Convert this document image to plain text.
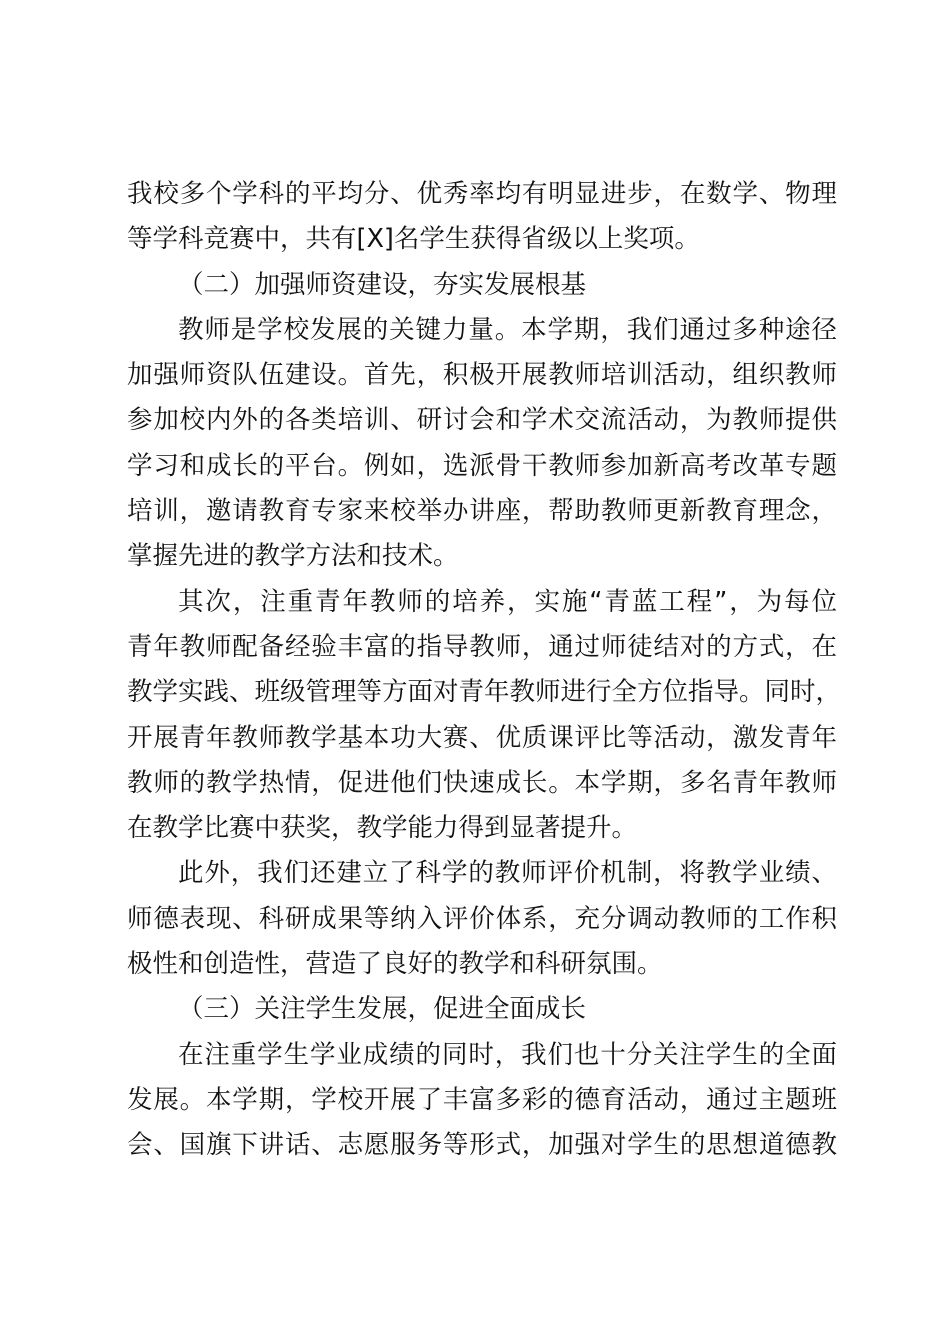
我校多个学科的平均分、优秀率均有明显进步，在数学、物理
等学科竞赛中，共有[X]名学生获得省级以上奖项。
（二）加强师资建设，夯实发展根基
教师是学校发展的关键力量。本学期，我们通过多种途径
加强师资队伍建设。首先，积极开展教师培训活动，组织教师
参加校内外的各类培训、研讨会和学术交流活动，为教师提供
学习和成长的平台。例如，选派骨干教师参加新高考改革专题
培训，邀请教育专家来校举办讲座，帮助教师更新教育理念，
掌握先进的教学方法和技术。
其次，注重青年教师的培养，实施“青蓝工程”，为每位
青年教师配备经验丰富的指导教师，通过师徒结对的方式，在
教学实践、班级管理等方面对青年教师进行全方位指导。同时，
开展青年教师教学基本功大赛、优质课评比等活动，激发青年
教师的教学热情，促进他们快速成长。本学期，多名青年教师
在教学比赛中获奖，教学能力得到显著提升。
此外，我们还建立了科学的教师评价机制，将教学业绩、
师德表现、科研成果等纳入评价体系，充分调动教师的工作积
极性和创造性，营造了良好的教学和科研氛围。
（三）关注学生发展，促进全面成长
在注重学生学业成绩的同时，我们也十分关注学生的全面
发展。本学期，学校开展了丰富多彩的德育活动，通过主题班
会、国旗下讲话、志愿服务等形式，加强对学生的思想道德教
